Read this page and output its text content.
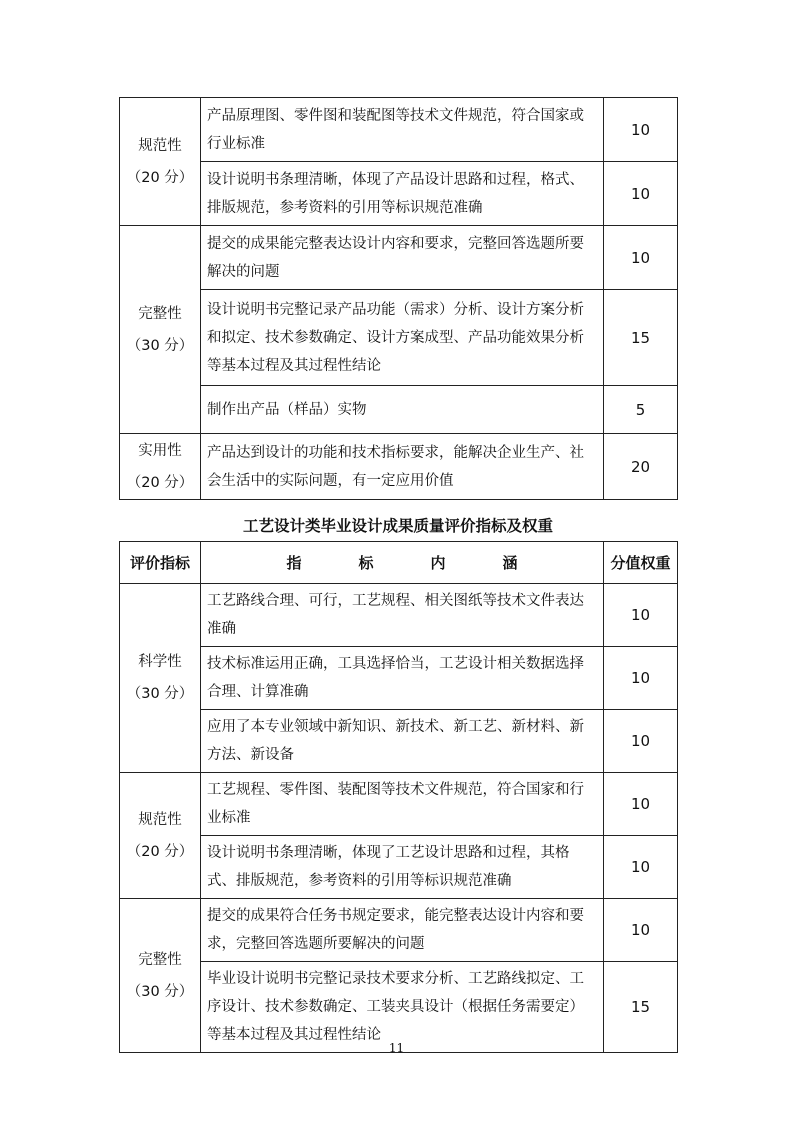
规范性
（20 分）	产品原理图、零件图和装配图等技术文件规范，符合国家或行业标准	10
	设计说明书条理清晰，体现了产品设计思路和过程，格式、排版规范，参考资料的引用等标识规范准确	10

完整性
（30 分）	提交的成果能完整表达设计内容和要求，完整回答选题所要解决的问题	10
	设计说明书完整记录产品功能（需求）分析、设计方案分析和拟定、技术参数确定、设计方案成型、产品功能效果分析等基本过程及其过程性结论	15
	制作出产品（样品）实物	5

实用性
（20 分）	产品达到设计的功能和技术指标要求，能解决企业生产、社会生活中的实际问题，有一定应用价值	20
工艺设计类毕业设计成果质量评价指标及权重
评价指标	指 标 内 涵	分值权重

科学性
（30 分）	工艺路线合理、可行，工艺规程、相关图纸等技术文件表达准确	10
	技术标准运用正确，工具选择恰当，工艺设计相关数据选择合理、计算准确	10
	应用了本专业领域中新知识、新技术、新工艺、新材料、新方法、新设备	10

规范性
（20 分）	工艺规程、零件图、装配图等技术文件规范，符合国家和行业标准	10
	设计说明书条理清晰，体现了工艺设计思路和过程，其格式、排版规范，参考资料的引用等标识规范准确	10

完整性
（30 分）	提交的成果符合任务书规定要求，能完整表达设计内容和要求，完整回答选题所要解决的问题	10
	毕业设计说明书完整记录技术要求分析、工艺路线拟定、工序设计、技术参数确定、工装夹具设计（根据任务需要定）等基本过程及其过程性结论	15
11
